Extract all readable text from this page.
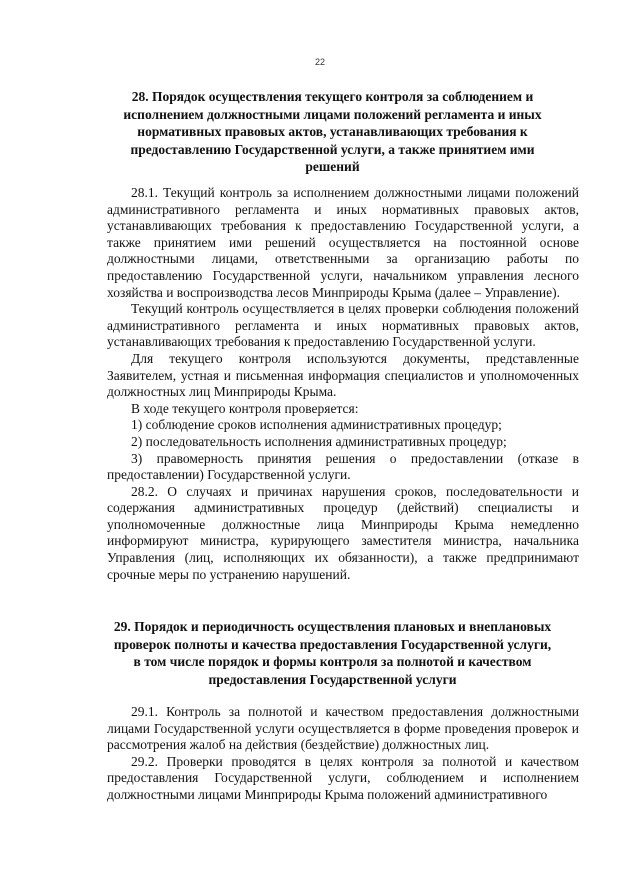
22
28. Порядок осуществления текущего контроля за соблюдением и исполнением должностными лицами положений регламента и иных нормативных правовых актов, устанавливающих требования к предоставлению Государственной услуги, а также принятием ими решений

28.1. Текущий контроль за исполнением должностными лицами положений административного регламента и иных нормативных правовых актов, устанавливающих требования к предоставлению Государственной услуги, а также принятием ими решений осуществляется на постоянной основе должностными лицами, ответственными за организацию работы по предоставлению Государственной услуги, начальником управления лесного хозяйства и воспроизводства лесов Минприроды Крыма (далее – Управление).

Текущий контроль осуществляется в целях проверки соблюдения положений административного регламента и иных нормативных правовых актов, устанавливающих требования к предоставлению Государственной услуги.

Для текущего контроля используются документы, представленные Заявителем, устная и письменная информация специалистов и уполномоченных должностных лиц Минприроды Крыма.

В ходе текущего контроля проверяется:

1) соблюдение сроков исполнения административных процедур;

2) последовательность исполнения административных процедур;

3) правомерность принятия решения о предоставлении (отказе в предоставлении) Государственной услуги.

28.2. О случаях и причинах нарушения сроков, последовательности и содержания административных процедур (действий) специалисты и уполномоченные должностные лица Минприроды Крыма немедленно информируют министра, курирующего заместителя министра, начальника Управления (лиц, исполняющих их обязанности), а также предпринимают срочные меры по устранению нарушений.

29. Порядок и периодичность осуществления плановых и внеплановых проверок полноты и качества предоставления Государственной услуги, в том числе порядок и формы контроля за полнотой и качеством предоставления Государственной услуги

29.1. Контроль за полнотой и качеством предоставления должностными лицами Государственной услуги осуществляется в форме проведения проверок и рассмотрения жалоб на действия (бездействие) должностных лиц.

29.2. Проверки проводятся в целях контроля за полнотой и качеством предоставления Государственной услуги, соблюдением и исполнением должностными лицами Минприроды Крыма положений административного
